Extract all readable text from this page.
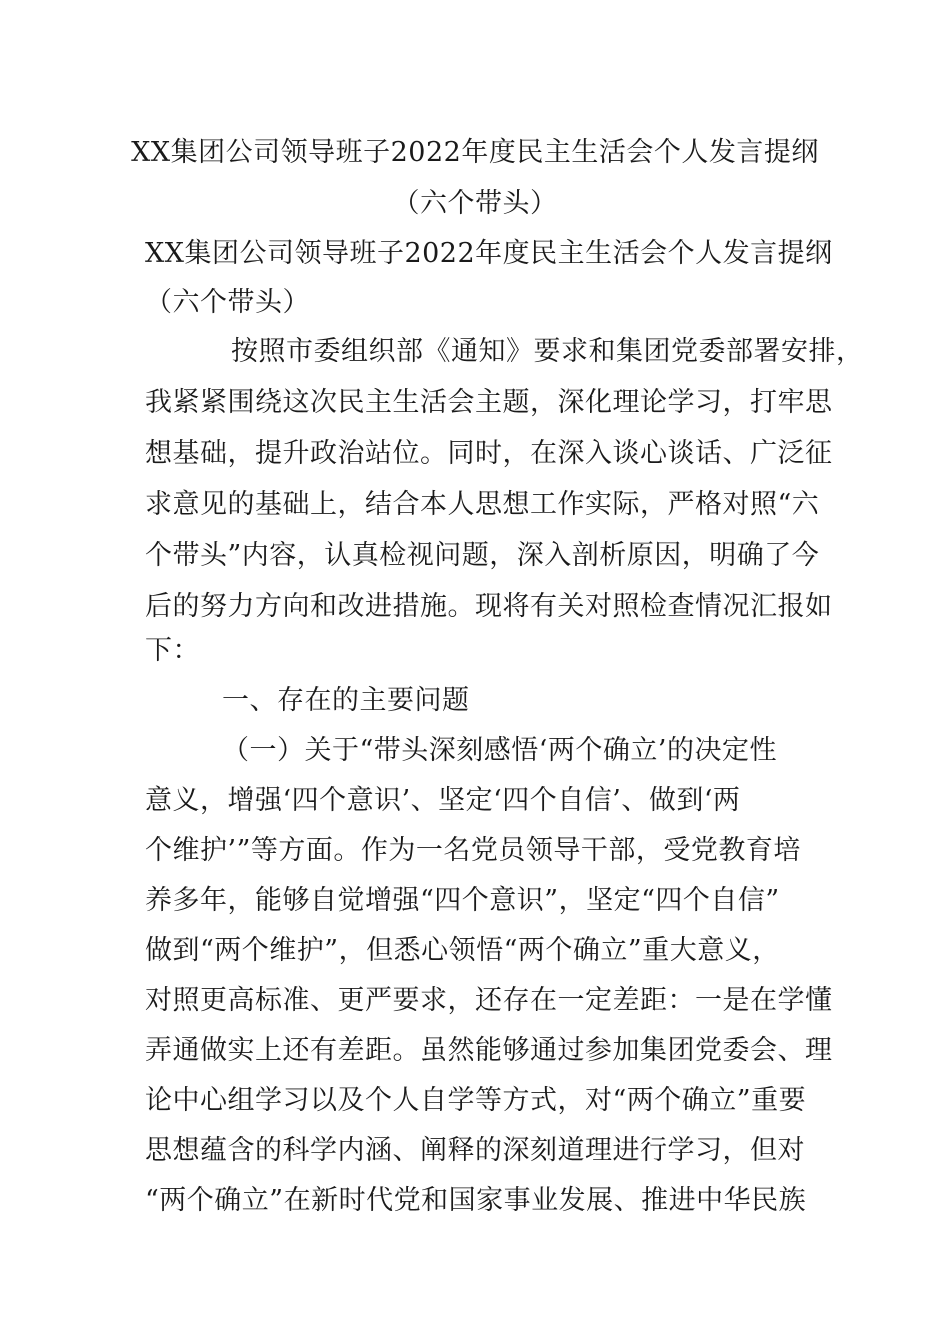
XX集团公司领导班子2022年度民主生活会个人发言提纲
（六个带头）
XX集团公司领导班子2022年度民主生活会个人发言提纲
（六个带头）
按照市委组织部《通知》要求和集团党委部署安排，
我紧紧围绕这次民主生活会主题，深化理论学习，打牢思
想基础，提升政治站位。同时，在深入谈心谈话、广泛征
求意见的基础上，结合本人思想工作实际，严格对照“六
个带头”内容，认真检视问题，深入剖析原因，明确了今
后的努力方向和改进措施。现将有关对照检查情况汇报如
下：
一、存在的主要问题
（一）关于“带头深刻感悟‘两个确立’的决定性
意义，增强‘四个意识’、坚定‘四个自信’、做到‘两
个维护’”等方面。作为一名党员领导干部，受党教育培
养多年，能够自觉增强“四个意识”，坚定“四个自信”
做到“两个维护”，但悉心领悟“两个确立”重大意义，
对照更高标准、更严要求，还存在一定差距：一是在学懂
弄通做实上还有差距。虽然能够通过参加集团党委会、理
论中心组学习以及个人自学等方式，对“两个确立”重要
思想蕴含的科学内涵、阐释的深刻道理进行学习，但对
“两个确立”在新时代党和国家事业发展、推进中华民族
